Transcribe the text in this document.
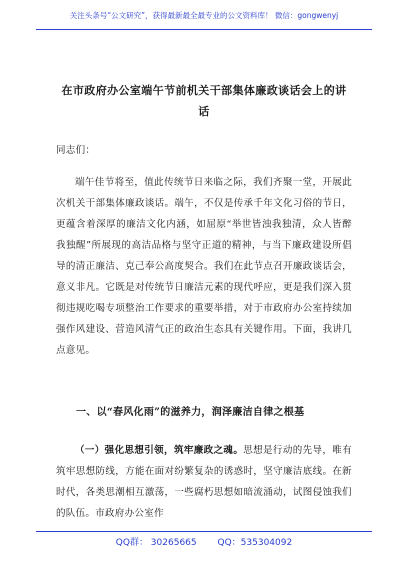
关注头条号“公文研究”，获得最新最全最专业的公文资料库！ 微信：gongwenyj
在市政府办公室端午节前机关干部集体廉政谈话会上的讲话
同志们：
端午佳节将至，值此传统节日来临之际，我们齐聚一堂，开展此次机关干部集体廉政谈话。端午，不仅是传承千年文化习俗的节日，更蕴含着深厚的廉洁文化内涵，如屈原“举世皆浊我独清，众人皆醉我独醒”所展现的高洁品格与坚守正道的精神，与当下廉政建设所倡导的清正廉洁、克己奉公高度契合。我们在此节点召开廉政谈话会，意义非凡。它既是对传统节日廉洁元素的现代呼应，更是我们深入贯彻违规吃喝专项整治工作要求的重要举措，对于市政府办公室持续加强作风建设、营造风清气正的政治生态具有关键作用。下面，我讲几点意见。
一、以“春风化雨”的滋养力，润泽廉洁自律之根基
（一）强化思想引领，筑牢廉政之魂。思想是行动的先导，唯有筑牢思想防线，方能在面对纷繁复杂的诱惑时，坚守廉洁底线。在新时代，各类思潮相互激荡，一些腐朽思想如暗流涌动，试图侵蚀我们的队伍。市政府办公室作
QQ群： 30265665 QQ：535304092
